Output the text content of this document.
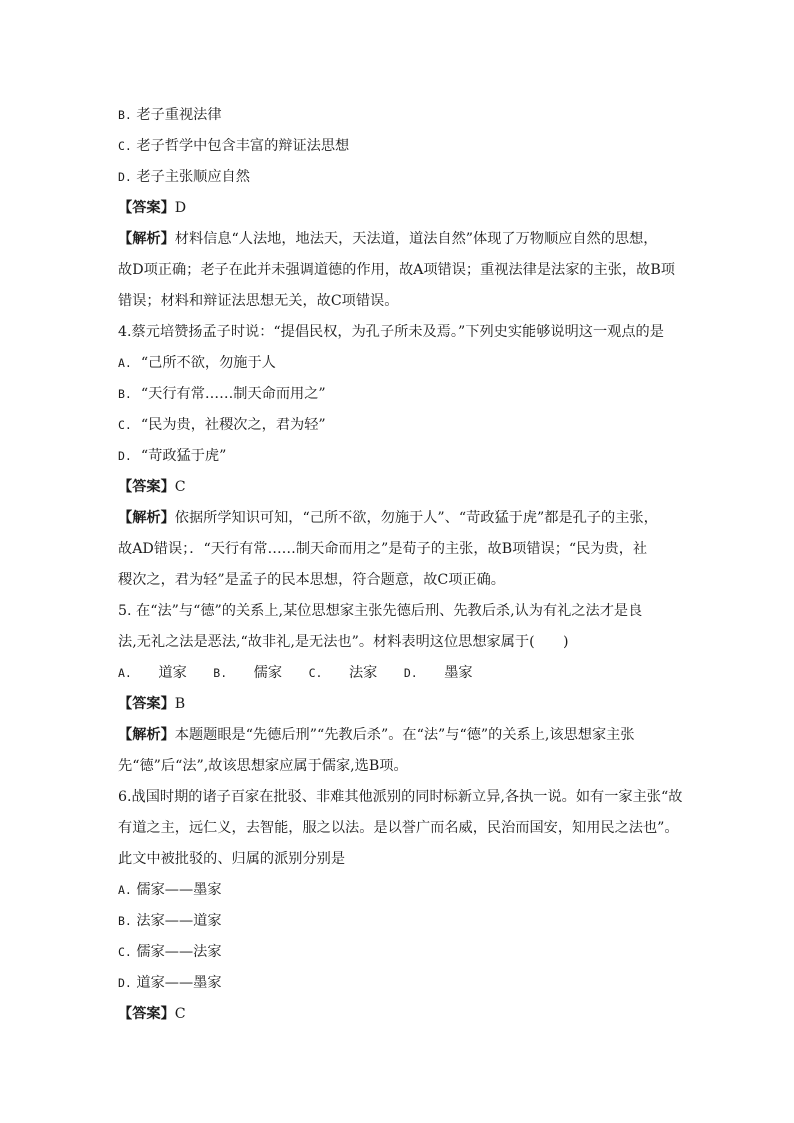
B. 老子重视法律
C. 老子哲学中包含丰富的辩证法思想
D. 老子主张顺应自然
【答案】D
【解析】材料信息“人法地，地法天，天法道，道法自然”体现了万物顺应自然的思想，
故D项正确；老子在此并未强调道德的作用，故A项错误；重视法律是法家的主张，故B项
错误；材料和辩证法思想无关，故C项错误。
4.蔡元培赞扬孟子时说：“提倡民权，为孔子所未及焉。”下列史实能够说明这一观点的是
A. “己所不欲，勿施于人
B. “天行有常……制天命而用之”
C. “民为贵，社稷次之，君为轻”
D. “苛政猛于虎”
【答案】C
【解析】依据所学知识可知，“己所不欲，勿施于人”、“苛政猛于虎”都是孔子的主张，
故AD错误；．“天行有常……制天命而用之”是荀子的主张，故B项错误；“民为贵，社
稷次之，君为轻”是孟子的民本思想，符合题意，故C项正确。
5. 在“法”与“德”的关系上,某位思想家主张先德后刑、先教后杀,认为有礼之法才是良
法,无礼之法是恶法,“故非礼,是无法也”。材料表明这位思想家属于(　　)
A. 道家 B. 儒家 C. 法家 D. 墨家
【答案】B
【解析】本题题眼是“先德后刑”“先教后杀”。在“法”与“德”的关系上,该思想家主张
先“德”后“法”,故该思想家应属于儒家,选B项。
6.战国时期的诸子百家在批驳、非难其他派别的同时标新立异,各执一说。如有一家主张“故
有道之主，远仁义，去智能，服之以法。是以誉广而名威，民治而国安，知用民之法也”。
此文中被批驳的、归属的派别分别是
A. 儒家——墨家
B. 法家——道家
C. 儒家——法家
D. 道家——墨家
【答案】C
